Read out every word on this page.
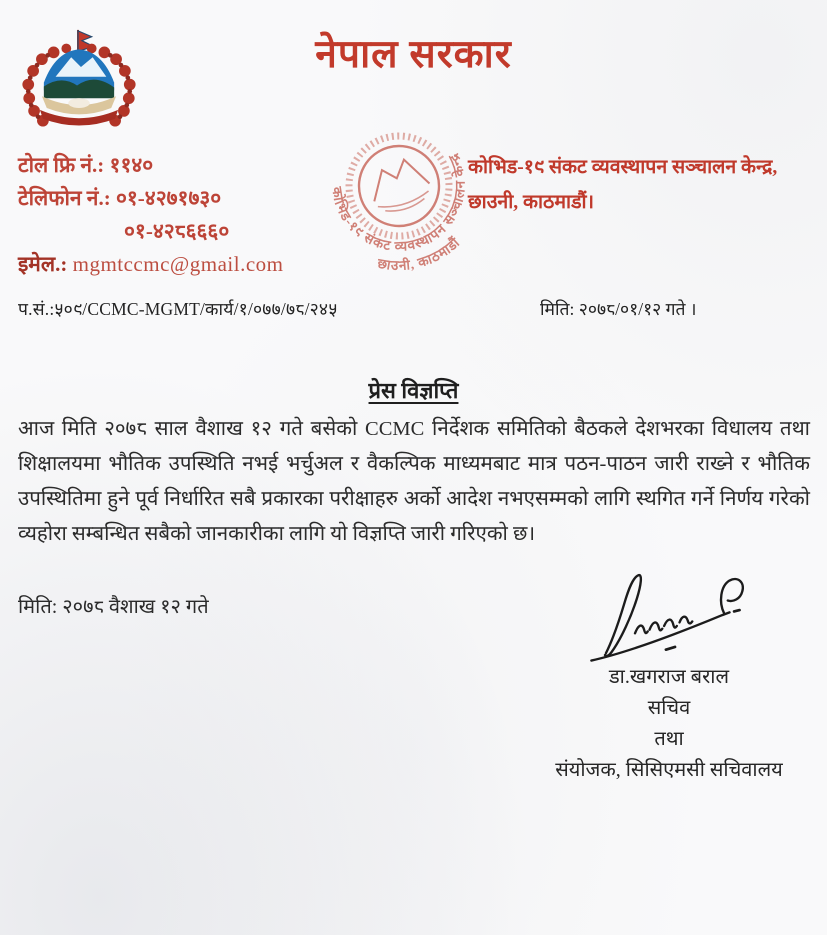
नेपाल सरकार
टोल फ्रि नं.: ११४०
टेलिफोन नं.: ०१-४२७१७३०
०१-४२८६६६०
इमेल.: mgmtccmc@gmail.com
कोभिड-१९ संकट व्यवस्थापन सञ्चालन केन्द्र
छाउनी, काठमाडौं
कोभिड-१९ संकट व्यवस्थापन सञ्चालन केन्द्र,
छाउनी, काठमाडौं।
प.सं.:५०९/CCMC-MGMT/कार्य/१/०७७/७८/२४५	मिति: २०७८/०१/१२ गते ।
प्रेस विज्ञप्ति

आज मिति २०७८ साल वैशाख १२ गते बसेको CCMC निर्देशक समितिको बैठकले देशभरका विधालय तथा शिक्षालयमा भौतिक उपस्थिति नभई भर्चुअल र वैकल्पिक माध्यमबाट मात्र पठन-पाठन जारी राख्ने र भौतिक उपस्थितिमा हुने पूर्व निर्धारित सबै प्रकारका परीक्षाहरु अर्को आदेश नभएसम्मको लागि स्थगित गर्ने निर्णय गरेको व्यहोरा सम्बन्धित सबैको जानकारीका लागि यो विज्ञप्ति जारी गरिएको छ।

मिति: २०७८ वैशाख १२ गते
डा.खगराज बराल
सचिव
तथा
संयोजक, सिसिएमसी सचिवालय
